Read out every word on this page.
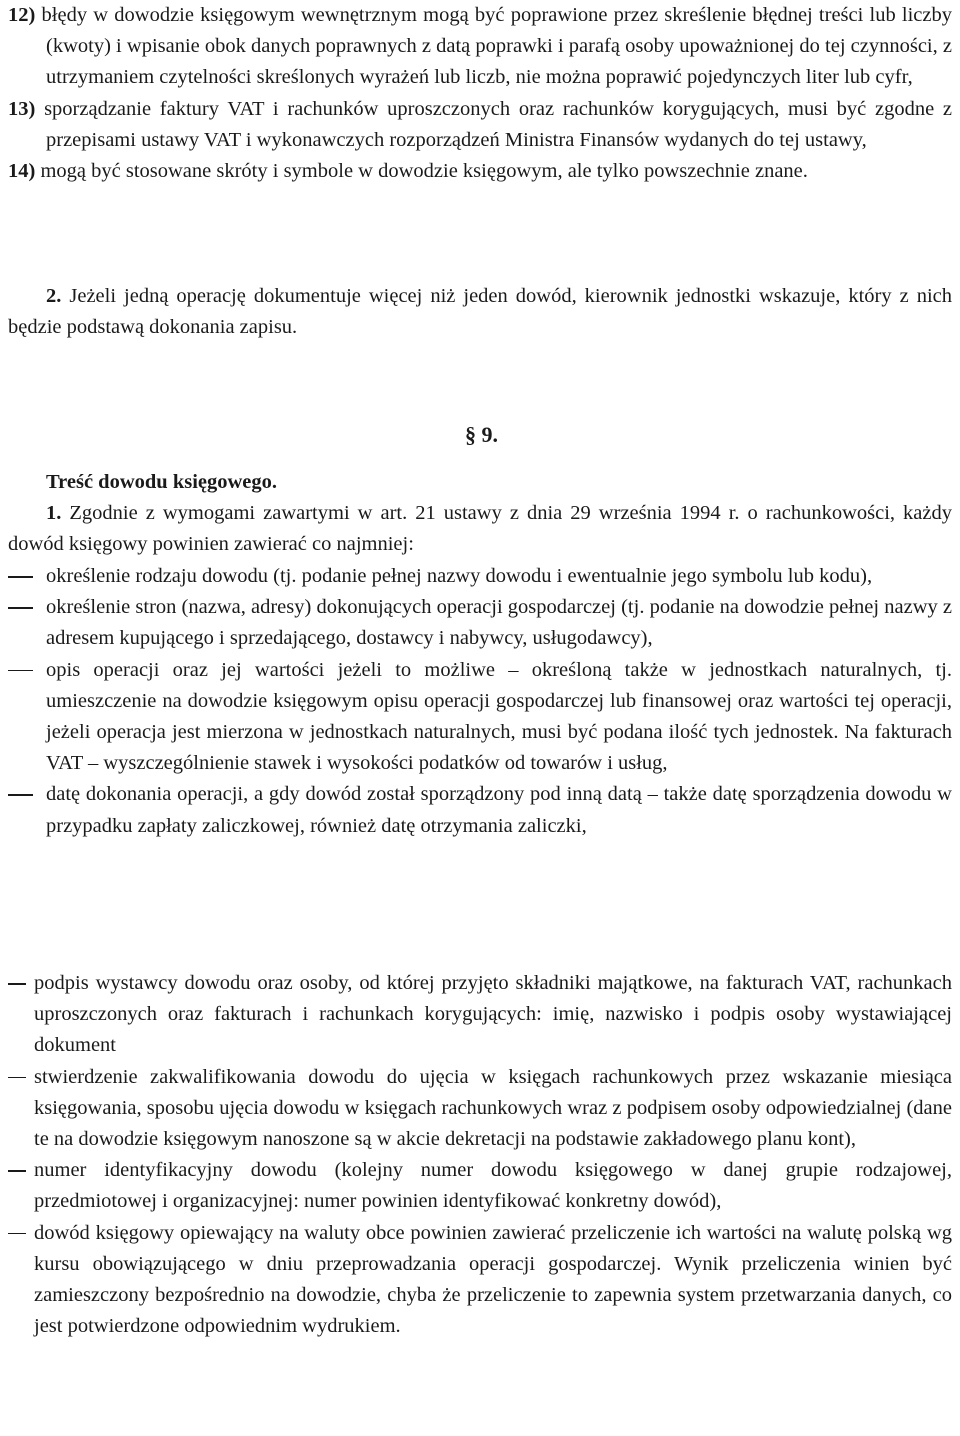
12) błędy w dowodzie księgowym wewnętrznym mogą być poprawione przez skreślenie błędnej treści lub liczby (kwoty) i wpisanie obok danych poprawnych z datą poprawki i parafą osoby upoważnionej do tej czynności, z utrzymaniem czytelności skreślonych wyrażeń lub liczb, nie można poprawić pojedynczych liter lub cyfr,

13) sporządzanie faktury VAT i rachunków uproszczonych oraz rachunków korygujących, musi być zgodne z przepisami ustawy VAT i wykonawczych rozporządzeń Ministra Finansów wydanych do tej ustawy,

14) mogą być stosowane skróty i symbole w dowodzie księgowym, ale tylko powszechnie znane.

2. Jeżeli jedną operację dokumentuje więcej niż jeden dowód, kierownik jednostki wskazuje, który z nich będzie podstawą dokonania zapisu.

§ 9.
Treść dowodu księgowego.

1. Zgodnie z wymogami zawartymi w art. 21 ustawy z dnia 29 września 1994 r. o rachunkowości, każdy dowód księgowy powinien zawierać co najmniej:

określenie rodzaju dowodu (tj. podanie pełnej nazwy dowodu i ewentualnie jego symbolu lub kodu),
określenie stron (nazwa, adresy) dokonujących operacji gospodarczej (tj. podanie na dowodzie pełnej nazwy z adresem kupującego i sprzedającego, dostawcy i nabywcy, usługodawcy),
opis operacji oraz jej wartości jeżeli to możliwe – określoną także w jednostkach naturalnych, tj. umieszczenie na dowodzie księgowym opisu operacji gospodarczej lub finansowej oraz wartości tej operacji, jeżeli operacja jest mierzona w jednostkach naturalnych, musi być podana ilość tych jednostek. Na fakturach VAT – wyszczególnienie stawek i wysokości podatków od towarów i usług,
datę dokonania operacji, a gdy dowód został sporządzony pod inną datą – także datę sporządzenia dowodu w przypadku zapłaty zaliczkowej, również datę otrzymania zaliczki,
podpis wystawcy dowodu oraz osoby, od której przyjęto składniki majątkowe, na fakturach VAT, rachunkach uproszczonych oraz fakturach i rachunkach korygujących: imię, nazwisko i podpis osoby wystawiającej dokument
stwierdzenie zakwalifikowania dowodu do ujęcia w księgach rachunkowych przez wskazanie miesiąca księgowania, sposobu ujęcia dowodu w księgach rachunkowych wraz z podpisem osoby odpowiedzialnej (dane te na dowodzie księgowym nanoszone są w akcie dekretacji na podstawie zakładowego planu kont),
numer identyfikacyjny dowodu (kolejny numer dowodu księgowego w danej grupie rodzajowej, przedmiotowej i organizacyjnej: numer powinien identyfikować konkretny dowód),
dowód księgowy opiewający na waluty obce powinien zawierać przeliczenie ich wartości na walutę polską wg kursu obowiązującego w dniu przeprowadzania operacji gospodarczej. Wynik przeliczenia winien być zamieszczony bezpośrednio na dowodzie, chyba że przeliczenie to zapewnia system przetwarzania danych, co jest potwierdzone odpowiednim wydrukiem.
